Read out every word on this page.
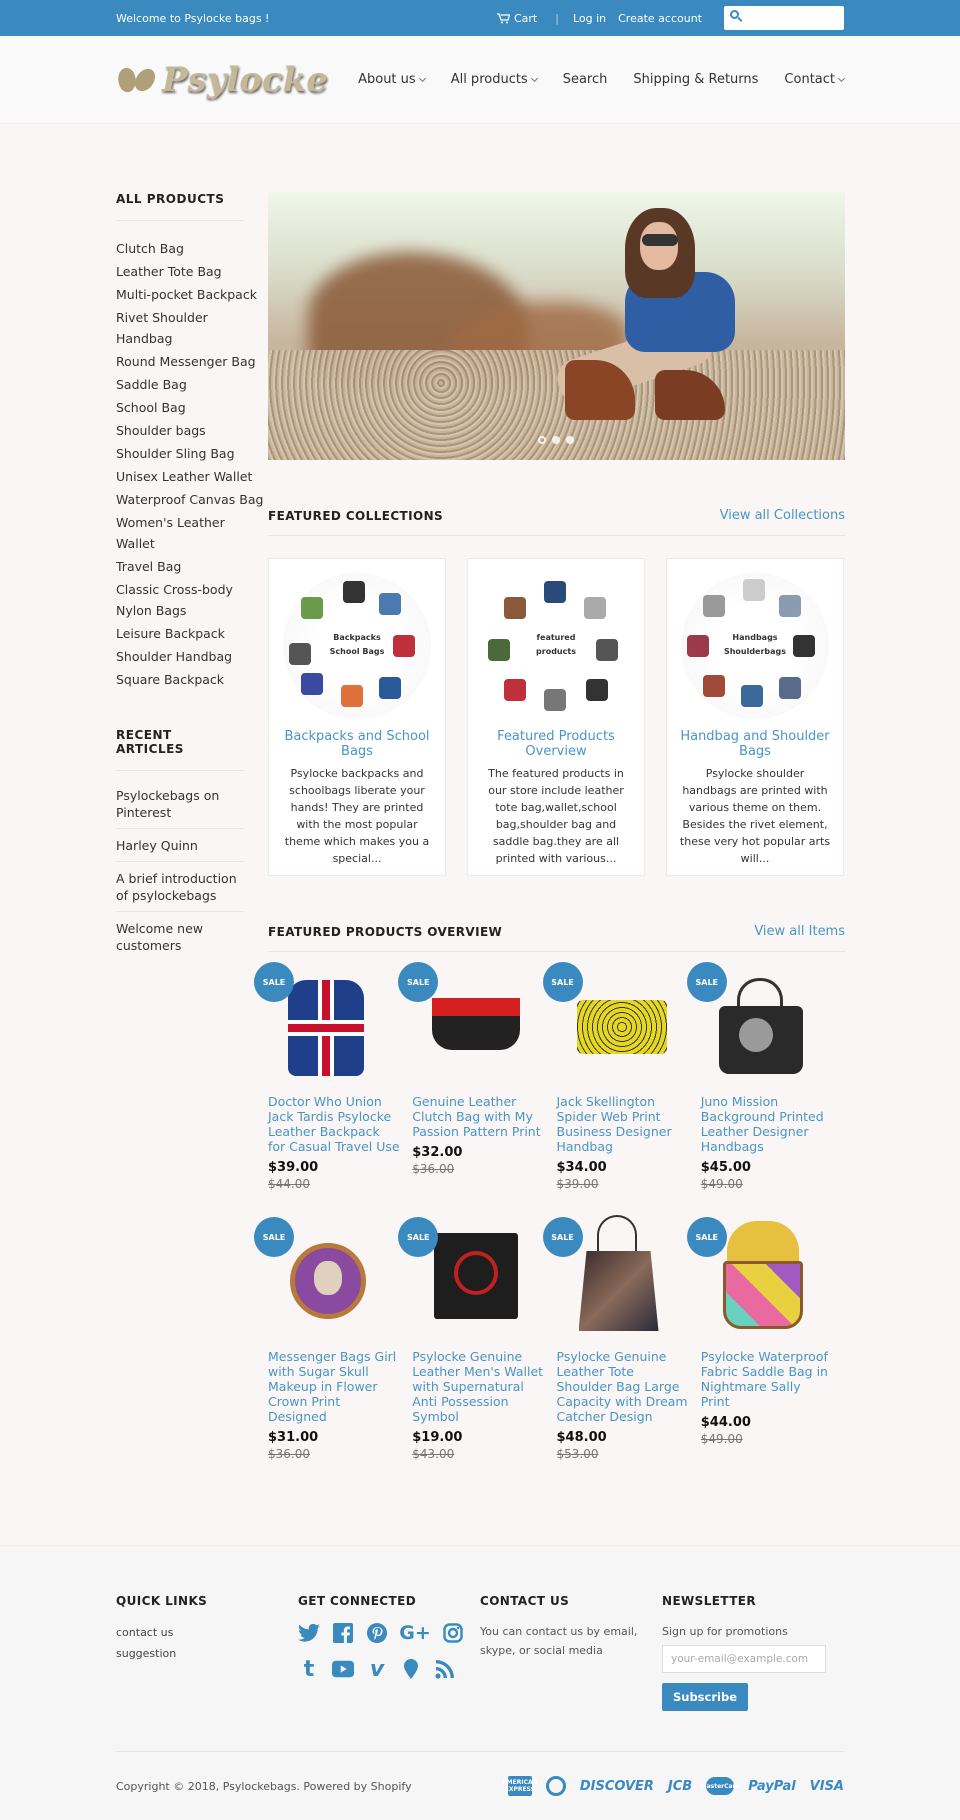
Welcome to Psylocke bags !	Cart | Log in Create account
Psylocke About us	All products	Search Shipping & Returns Contact
ALL PRODUCTS
Clutch Bag
Leather Tote Bag
Multi-pocket Backpack
Rivet Shoulder Handbag
Round Messenger Bag
Saddle Bag
School Bag
Shoulder bags
Shoulder Sling Bag
Unisex Leather Wallet
Waterproof Canvas Bag
Women's Leather Wallet
Travel Bag
Classic Cross-body Nylon Bags
Leisure Backpack
Shoulder Handbag
Square Backpack
RECENT ARTICLES
Psylockebags on Pinterest
Harley Quinn
A brief introduction of psylockebags
Welcome new customers
FEATURED COLLECTIONS	View all Collections
Backpacks
School Bags
Backpacks and School Bags

Psylocke backpacks and schoolbags liberate your hands! They are printed with the most popular theme which makes you a special...

featured
products
Featured Products Overview

The featured products in our store include leather tote bag,wallet,school bag,shoulder bag and saddle bag.they are all printed with various...

Handbags
Shoulderbags
Handbag and Shoulder Bags

Psylocke shoulder handbags are printed with various theme on them. Besides the rivet element, these very hot popular arts will...

FEATURED PRODUCTS OVERVIEW	View all Items
SALE
Doctor Who Union Jack Tardis Psylocke Leather Backpack for Casual Travel Use
$39.00
$44.00
SALE
Genuine Leather Clutch Bag with My Passion Pattern Print
$32.00
$36.00
SALE
Jack Skellington Spider Web Print Business Designer Handbag
$34.00
$39.00
SALE
Juno Mission Background Printed Leather Designer Handbags
$45.00
$49.00
SALE
Messenger Bags Girl with Sugar Skull Makeup in Flower Crown Print Designed
$31.00
$36.00
SALE
Psylocke Genuine Leather Men's Wallet with Supernatural Anti Possession Symbol
$19.00
$43.00
SALE
Psylocke Genuine Leather Tote Shoulder Bag Large Capacity with Dream Catcher Design
$48.00
$53.00
SALE
Psylocke Waterproof Fabric Saddle Bag in Nightmare Sally Print
$44.00
$49.00
QUICK LINKS
contact us
suggestion
GET CONNECTED
G+
t	v
CONTACT US

You can contact us by email, skype, or social media

NEWSLETTER

Sign up for promotions

your-email@example.com
Subscribe
Copyright © 2018, Psylockebags. Powered by Shopify	AMERICAN EXPRESS	DISCOVER JCB MasterCard PayPal VISA
